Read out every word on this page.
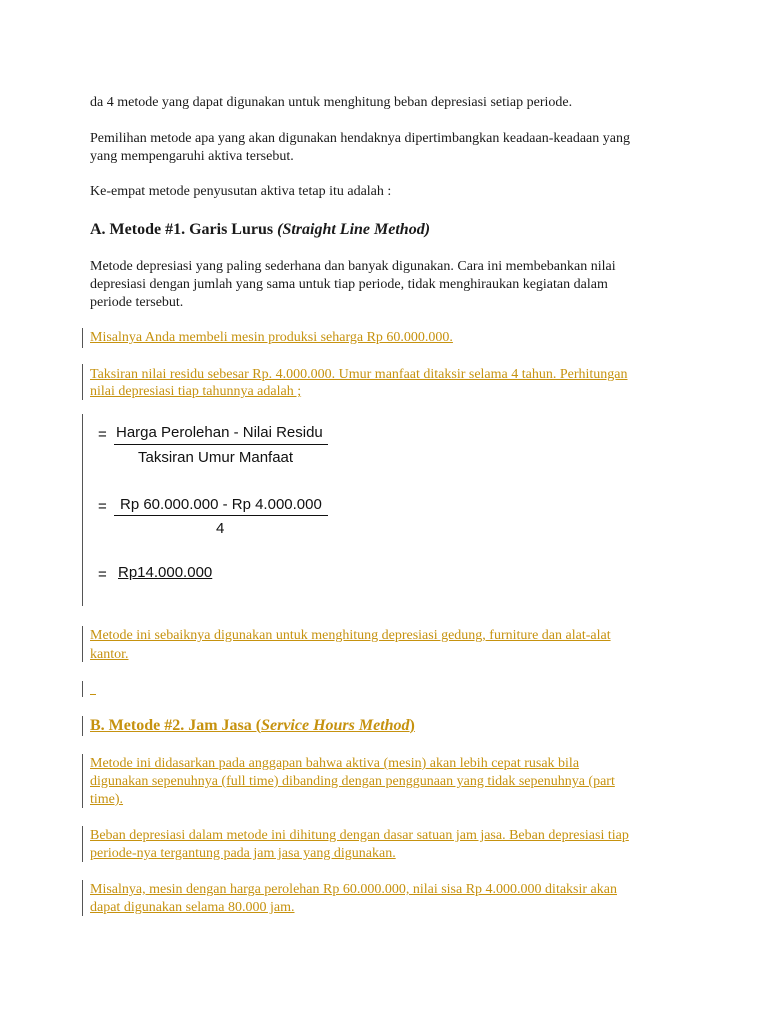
da 4 metode yang dapat digunakan untuk menghitung beban depresiasi setiap periode.

Pemilihan metode apa yang akan digunakan hendaknya dipertimbangkan keadaan-keadaan yang

yang mempengaruhi aktiva tersebut.

Ke-empat metode penyusutan aktiva tetap itu adalah :

A. Metode #1. Garis Lurus (Straight Line Method)

Metode depresiasi yang paling sederhana dan banyak digunakan. Cara ini membebankan nilai

depresiasi dengan jumlah yang sama untuk tiap periode, tidak menghiraukan kegiatan dalam

periode tersebut.

Misalnya Anda membeli mesin produksi seharga Rp 60.000.000.

Taksiran nilai residu sebesar Rp. 4.000.000. Umur manfaat ditaksir selama 4 tahun. Perhitungan

nilai depresiasi tiap tahunnya adalah ;

= Harga Perolehan - Nilai Residu
Taksiran Umur Manfaat
= Rp 60.000.000 - Rp 4.000.000
4
= Rp14.000.000

Metode ini sebaiknya digunakan untuk menghitung depresiasi gedung, furniture dan alat-alat

kantor.

B. Metode #2. Jam Jasa (Service Hours Method)

Metode ini didasarkan pada anggapan bahwa aktiva (mesin) akan lebih cepat rusak bila

digunakan sepenuhnya (full time) dibanding dengan penggunaan yang tidak sepenuhnya (part

time).

Beban depresiasi dalam metode ini dihitung dengan dasar satuan jam jasa. Beban depresiasi tiap

periode-nya tergantung pada jam jasa yang digunakan.

Misalnya, mesin dengan harga perolehan Rp 60.000.000, nilai sisa Rp 4.000.000 ditaksir akan

dapat digunakan selama 80.000 jam.
